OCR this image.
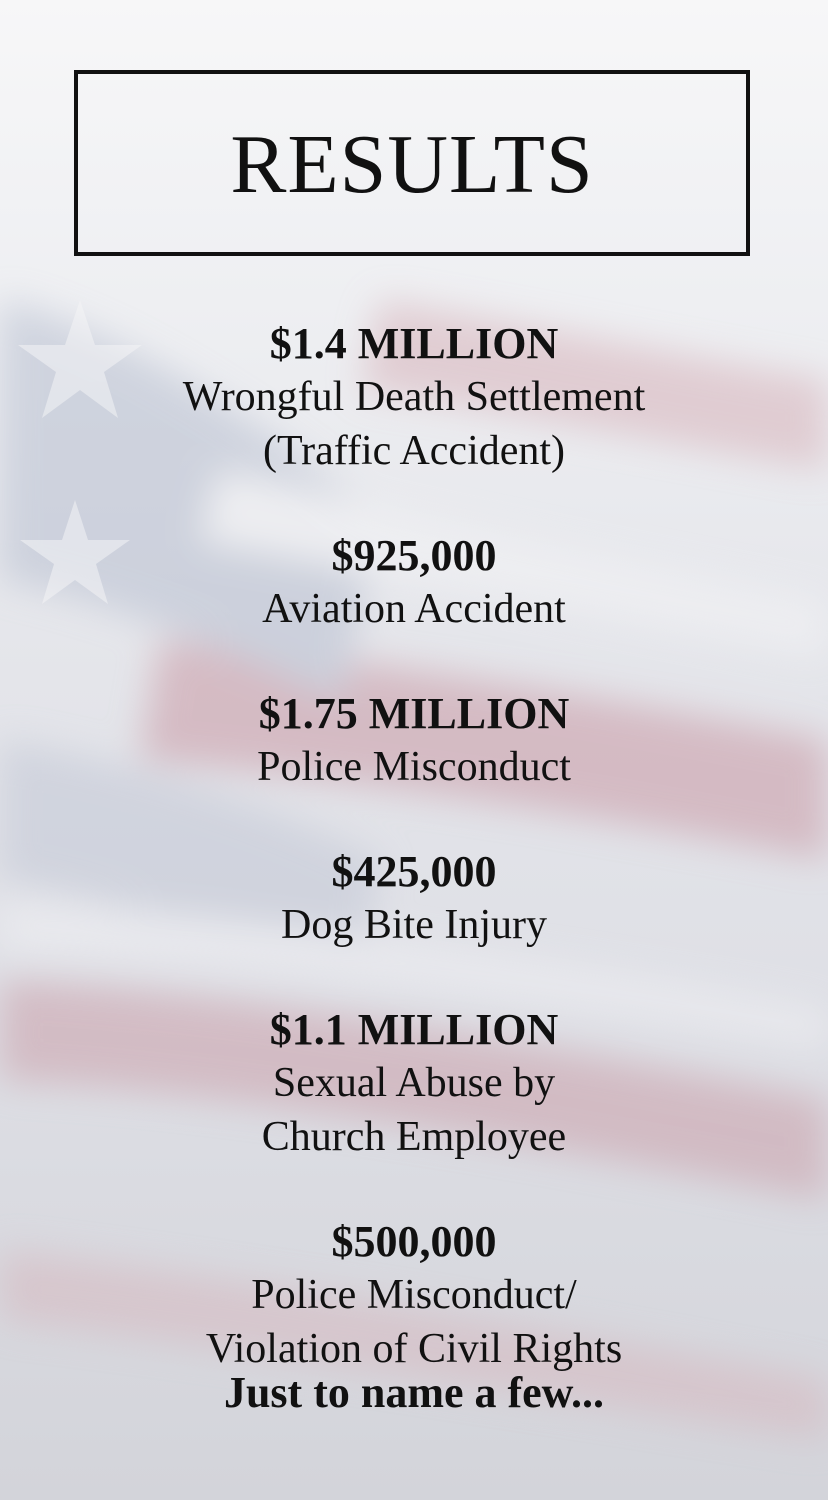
RESULTS
$1.4 MILLION
Wrongful Death Settlement
(Traffic Accident)
$925,000
Aviation Accident
$1.75 MILLION
Police Misconduct
$425,000
Dog Bite Injury
$1.1 MILLION
Sexual Abuse by
Church Employee
$500,000
Police Misconduct/
Violation of Civil Rights
Just to name a few...
